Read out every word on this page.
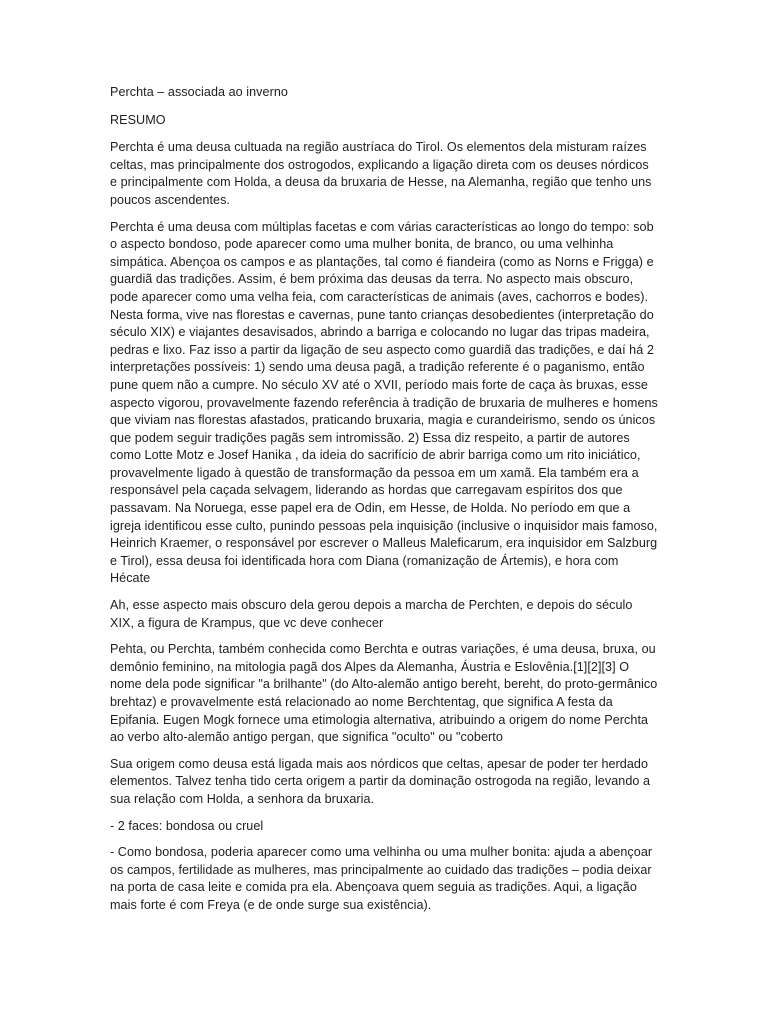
Perchta – associada ao inverno

RESUMO

Perchta é uma deusa cultuada na região austríaca do Tirol. Os elementos dela misturam raízes celtas, mas principalmente dos ostrogodos, explicando a ligação direta com os deuses nórdicos e principalmente com Holda, a deusa da bruxaria de Hesse, na Alemanha, região que tenho uns poucos ascendentes.

Perchta é uma deusa com múltiplas facetas e com várias características ao longo do tempo: sob o aspecto bondoso, pode aparecer como uma mulher bonita, de branco, ou uma velhinha simpática. Abençoa os campos e as plantações, tal como é fiandeira (como as Norns e Frigga) e guardiã das tradições. Assim, é bem próxima das deusas da terra. No aspecto mais obscuro, pode aparecer como uma velha feia, com características de animais (aves, cachorros e bodes). Nesta forma, vive nas florestas e cavernas, pune tanto crianças desobedientes (interpretação do século XIX) e viajantes desavisados, abrindo a barriga e colocando no lugar das tripas madeira, pedras e lixo. Faz isso a partir da ligação de seu aspecto como guardiã das tradições, e daí há 2 interpretações possíveis: 1) sendo uma deusa pagã, a tradição referente é o paganismo, então pune quem não a cumpre. No século XV até o XVII, período mais forte de caça às bruxas, esse aspecto vigorou, provavelmente fazendo referência à tradição de bruxaria de mulheres e homens que viviam nas florestas afastados, praticando bruxaria, magia e curandeirismo, sendo os únicos que podem seguir tradições pagãs sem intromissão. 2) Essa diz respeito, a partir de autores como Lotte Motz e Josef Hanika , da ideia do sacrifício de abrir barriga como um rito iniciático, provavelmente ligado à questão de transformação da pessoa em um xamã. Ela também era a responsável pela caçada selvagem, liderando as hordas que carregavam espíritos dos que passavam. Na Noruega, esse papel era de Odin, em Hesse, de Holda. No período em que a igreja identificou esse culto, punindo pessoas pela inquisição (inclusive o inquisidor mais famoso, Heinrich Kraemer, o responsável por escrever o Malleus Maleficarum, era inquisidor em Salzburg e Tirol), essa deusa foi identificada hora com Diana (romanização de Ártemis), e hora com Hécate

Ah, esse aspecto mais obscuro dela gerou depois a marcha de Perchten, e depois do século XIX, a figura de Krampus, que vc deve conhecer

Pehta, ou Perchta, também conhecida como Berchta e outras variações, é uma deusa, bruxa, ou demônio feminino, na mitologia pagã dos Alpes da Alemanha, Áustria e Eslovênia.[1][2][3] O nome dela pode significar "a brilhante" (do Alto-alemão antigo bereht, bereht, do proto-germânico brehtaz) e provavelmente está relacionado ao nome Berchtentag, que significa A festa da Epifania. Eugen Mogk fornece uma etimologia alternativa, atribuindo a origem do nome Perchta ao verbo alto-alemão antigo pergan, que significa "oculto" ou "coberto

Sua origem como deusa está ligada mais aos nórdicos que celtas, apesar de poder ter herdado elementos. Talvez tenha tido certa origem a partir da dominação ostrogoda na região, levando a sua relação com Holda, a senhora da bruxaria.

- 2 faces: bondosa ou cruel

- Como bondosa, poderia aparecer como uma velhinha ou uma mulher bonita: ajuda a abençoar os campos, fertilidade as mulheres, mas principalmente ao cuidado das tradições – podia deixar na porta de casa leite e comida pra ela. Abençoava quem seguia as tradições. Aqui, a ligação mais forte é com Freya (e de onde surge sua existência).
